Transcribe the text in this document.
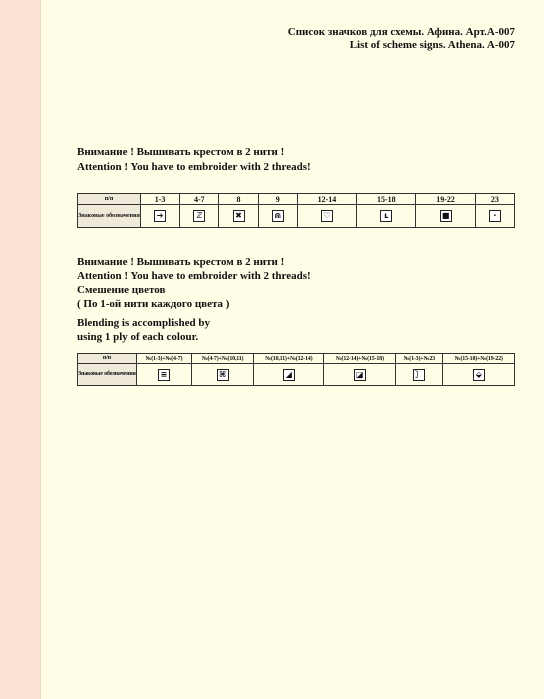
Список значков для схемы. Афина. Арт.А-007
List of scheme signs. Athena. A-007
Внимание ! Вышивать крестом в 2 нити !
Attention ! You have to embroider with 2 threads!
п/п	1-3	4-7	8	9	12-14	15-18	19-22	23
Знаковые обозначения	➔	ℤ	✖	⋒	♡	ʟ	■	·
Внимание ! Вышивать крестом в 2 нити !
Attention ! You have to embroider with 2 threads!
Смешение цветов
( По 1-ой нити каждого цвета )
Blending is accomplished by
using 1 ply of each colour.
п/п	№(1-3)+№(4-7)	№(4-7)+№(10,11)	№(10,11)+№(12-14)	№(12-14)+№(15-18)	№(1-3)+№23	№(15-18)+№(19-22)
Знаковые обозначения	≡	⌘	◢	◪	〕	⬙
